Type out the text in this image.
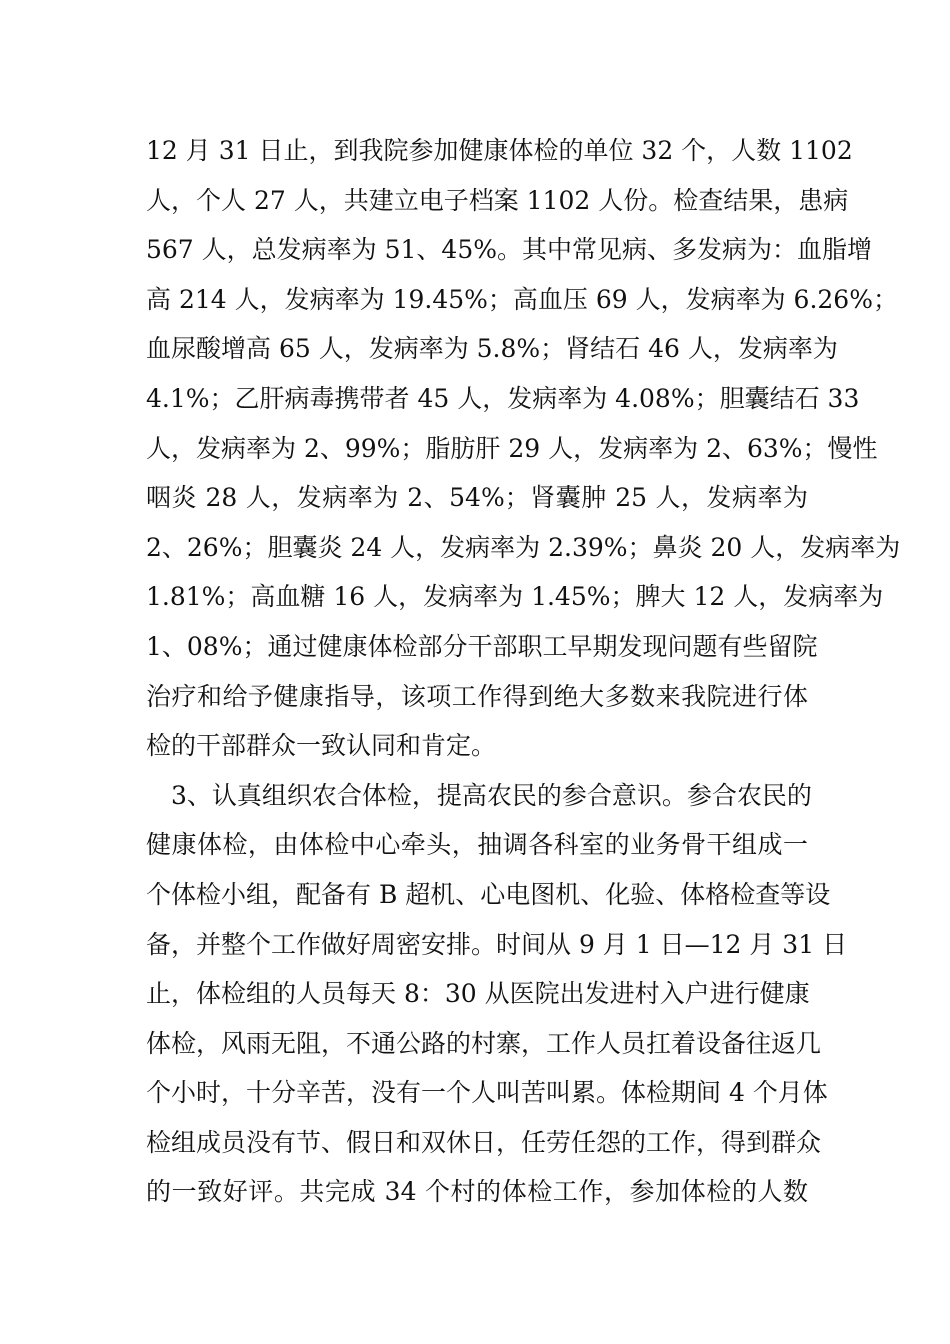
12 月 31 日止，到我院参加健康体检的单位 32 个，人数 1102
人，个人 27 人，共建立电子档案 1102 人份。检查结果，患病
567 人，总发病率为 51、45%。其中常见病、多发病为：血脂增
高 214 人，发病率为 19.45%；高血压 69 人，发病率为 6.26%；
血尿酸增高 65 人，发病率为 5.8%；肾结石 46 人，发病率为
4.1%；乙肝病毒携带者 45 人，发病率为 4.08%；胆囊结石 33
人，发病率为 2、99%；脂肪肝 29 人，发病率为 2、63%；慢性
咽炎 28 人，发病率为 2、54%；肾囊肿 25 人，发病率为
2、26%；胆囊炎 24 人，发病率为 2.39%；鼻炎 20 人，发病率为
1.81%；高血糖 16 人，发病率为 1.45%；脾大 12 人，发病率为
1、08%；通过健康体检部分干部职工早期发现问题有些留院
治疗和给予健康指导，该项工作得到绝大多数来我院进行体
检的干部群众一致认同和肯定。
　3、认真组织农合体检，提高农民的参合意识。参合农民的
健康体检，由体检中心牵头，抽调各科室的业务骨干组成一
个体检小组，配备有 B 超机、心电图机、化验、体格检查等设
备，并整个工作做好周密安排。时间从 9 月 1 日—12 月 31 日
止，体检组的人员每天 8：30 从医院出发进村入户进行健康
体检，风雨无阻，不通公路的村寨，工作人员扛着设备往返几
个小时，十分辛苦，没有一个人叫苦叫累。体检期间 4 个月体
检组成员没有节、假日和双休日，任劳任怨的工作，得到群众
的一致好评。共完成 34 个村的体检工作，参加体检的人数
